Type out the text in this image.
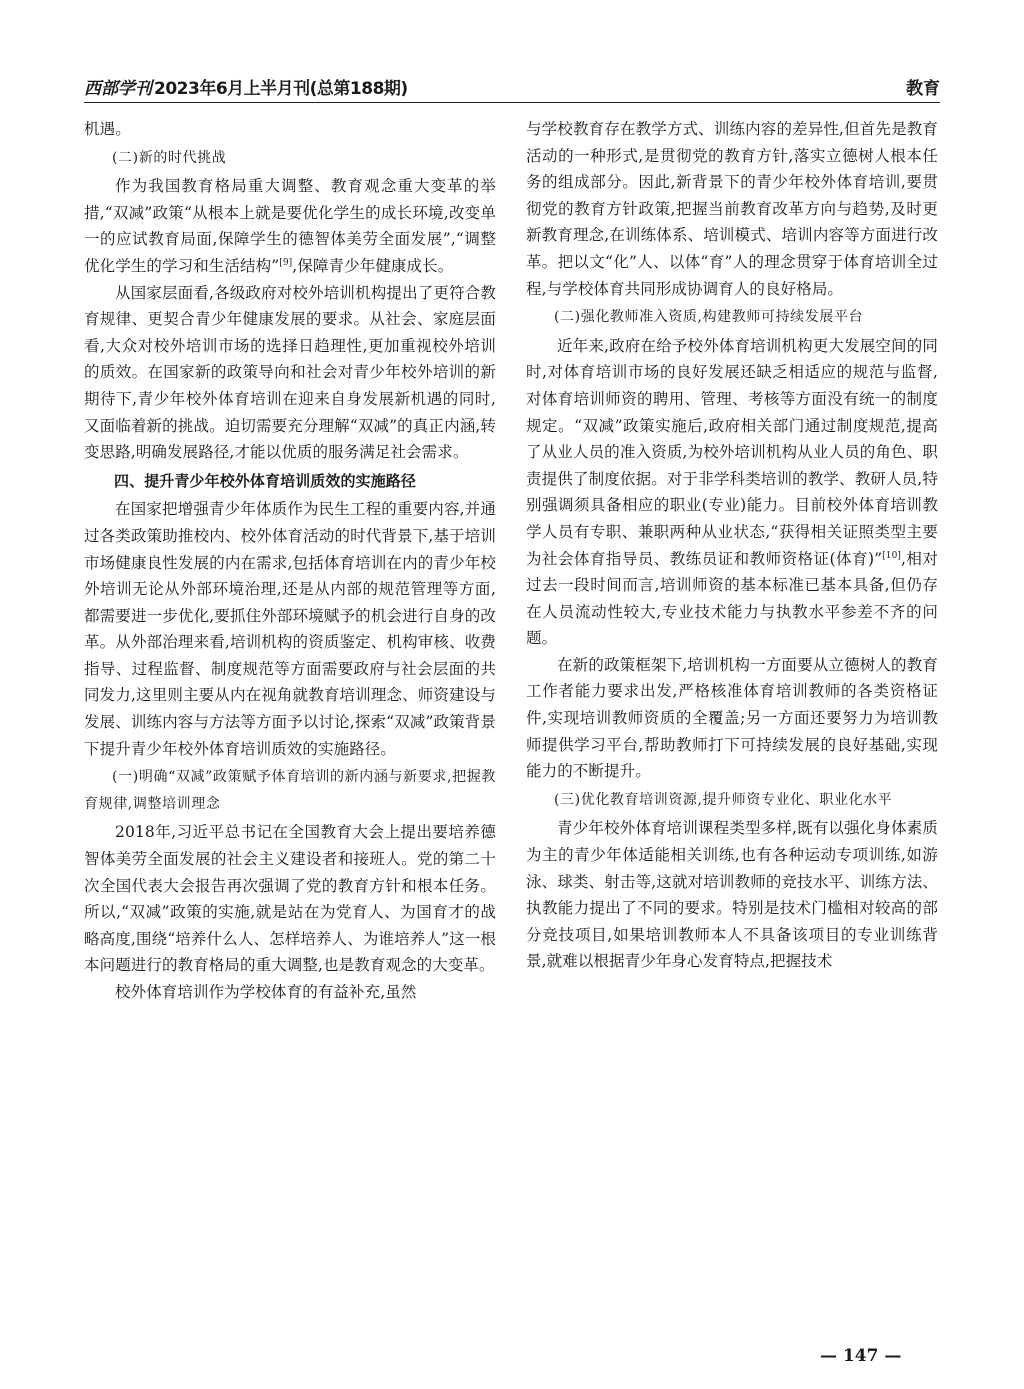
西部学刊 2023年6月上半月刊(总第188期)	教育

机遇。

(二)新的时代挑战

作为我国教育格局重大调整、教育观念重大变革的举措,“双减”政策“从根本上就是要优化学生的成长环境,改变单一的应试教育局面,保障学生的德智体美劳全面发展”,“调整优化学生的学习和生活结构”[9],保障青少年健康成长。

从国家层面看,各级政府对校外培训机构提出了更符合教育规律、更契合青少年健康发展的要求。从社会、家庭层面看,大众对校外培训市场的选择日趋理性,更加重视校外培训的质效。在国家新的政策导向和社会对青少年校外培训的新期待下,青少年校外体育培训在迎来自身发展新机遇的同时,又面临着新的挑战。迫切需要充分理解“双减”的真正内涵,转变思路,明确发展路径,才能以优质的服务满足社会需求。

四、提升青少年校外体育培训质效的实施路径

在国家把增强青少年体质作为民生工程的重要内容,并通过各类政策助推校内、校外体育活动的时代背景下,基于培训市场健康良性发展的内在需求,包括体育培训在内的青少年校外培训无论从外部环境治理,还是从内部的规范管理等方面,都需要进一步优化,要抓住外部环境赋予的机会进行自身的改革。从外部治理来看,培训机构的资质鉴定、机构审核、收费指导、过程监督、制度规范等方面需要政府与社会层面的共同发力,这里则主要从内在视角就教育培训理念、师资建设与发展、训练内容与方法等方面予以讨论,探索“双减”政策背景下提升青少年校外体育培训质效的实施路径。

(一)明确“双减”政策赋予体育培训的新内涵与新要求,把握教育规律,调整培训理念

2018年,习近平总书记在全国教育大会上提出要培养德智体美劳全面发展的社会主义建设者和接班人。党的第二十次全国代表大会报告再次强调了党的教育方针和根本任务。所以,“双减”政策的实施,就是站在为党育人、为国育才的战略高度,围绕“培养什么人、怎样培养人、为谁培养人”这一根本问题进行的教育格局的重大调整,也是教育观念的大变革。

校外体育培训作为学校体育的有益补充,虽然

与学校教育存在教学方式、训练内容的差异性,但首先是教育活动的一种形式,是贯彻党的教育方针,落实立德树人根本任务的组成部分。因此,新背景下的青少年校外体育培训,要贯彻党的教育方针政策,把握当前教育改革方向与趋势,及时更新教育理念,在训练体系、培训模式、培训内容等方面进行改革。把以文“化”人、以体“育”人的理念贯穿于体育培训全过程,与学校体育共同形成协调育人的良好格局。

(二)强化教师准入资质,构建教师可持续发展平台

近年来,政府在给予校外体育培训机构更大发展空间的同时,对体育培训市场的良好发展还缺乏相适应的规范与监督,对体育培训师资的聘用、管理、考核等方面没有统一的制度规定。“双减”政策实施后,政府相关部门通过制度规范,提高了从业人员的准入资质,为校外培训机构从业人员的角色、职责提供了制度依据。对于非学科类培训的教学、教研人员,特别强调须具备相应的职业(专业)能力。目前校外体育培训教学人员有专职、兼职两种从业状态,“获得相关证照类型主要为社会体育指导员、教练员证和教师资格证(体育)”[10],相对过去一段时间而言,培训师资的基本标准已基本具备,但仍存在人员流动性较大,专业技术能力与执教水平参差不齐的问题。

在新的政策框架下,培训机构一方面要从立德树人的教育工作者能力要求出发,严格核准体育培训教师的各类资格证件,实现培训教师资质的全覆盖;另一方面还要努力为培训教师提供学习平台,帮助教师打下可持续发展的良好基础,实现能力的不断提升。

(三)优化教育培训资源,提升师资专业化、职业化水平

青少年校外体育培训课程类型多样,既有以强化身体素质为主的青少年体适能相关训练,也有各种运动专项训练,如游泳、球类、射击等,这就对培训教师的竞技水平、训练方法、执教能力提出了不同的要求。特别是技术门槛相对较高的部分竞技项目,如果培训教师本人不具备该项目的专业训练背景,就难以根据青少年身心发育特点,把握技术

— 147 —
